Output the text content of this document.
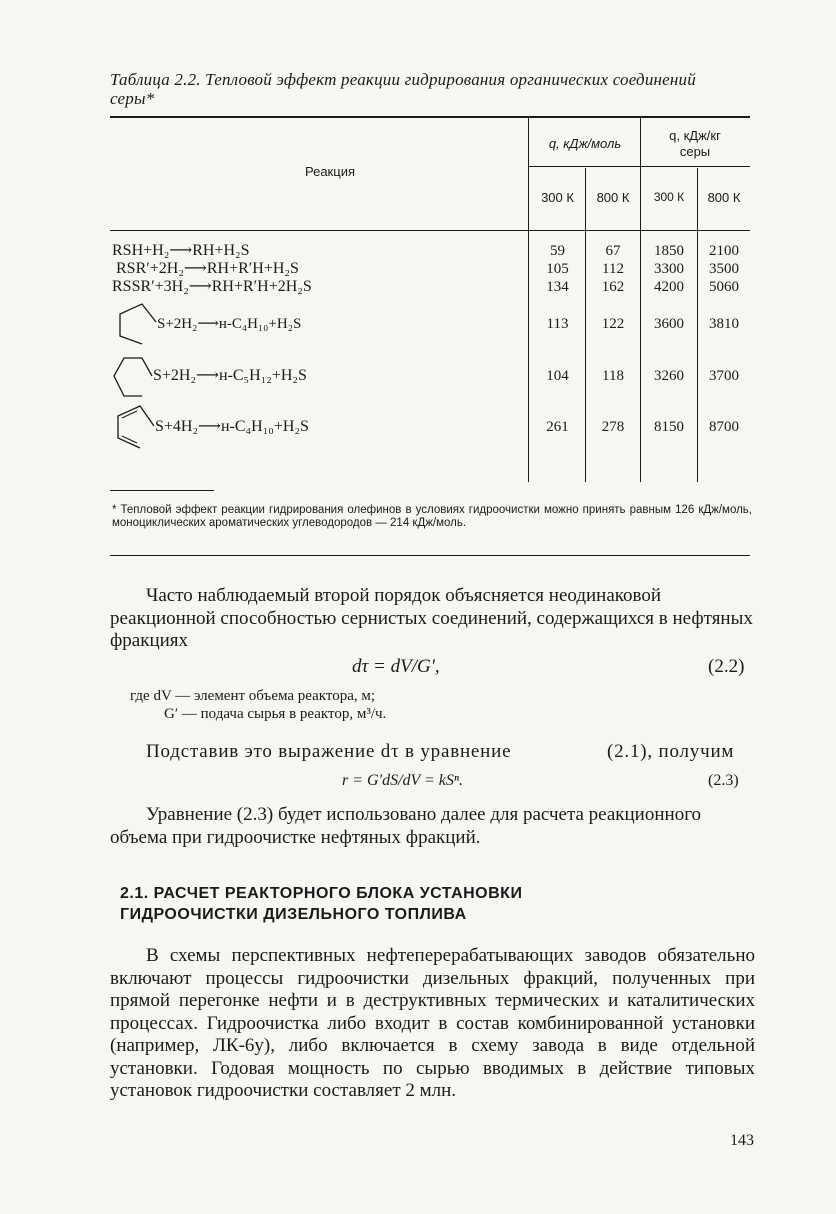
Таблица 2.2. Тепловой эффект реакции гидрирования органических соединений серы*
Реакция
q, кДж/моль
q, кДж/кг серы
300 К	800 К	300 К	800 К
RSH+H₂⟶RH+H₂S	59	67	1850	2100
RSR′+2H₂⟶RH+R′H+H₂S	105	112	3300	3500
RSSR′+3H₂⟶RH+R′H+2H₂S	134	162	4200	5060
S+2H₂⟶н-C₄H₁₀+H₂S	113	122	3600	3810
S+2H₂⟶н-C₅H₁₂+H₂S	104	118	3260	3700
S+4H₂⟶н-C₄H₁₀+H₂S	261	278	8150	8700
* Тепловой эффект реакции гидрирования олефинов в условиях гидроочистки можно принять равным 126 кДж/моль, моноциклических ароматических углеводородов — 214 кДж/моль.
Часто наблюдаемый второй порядок объясняется неодинаковой реакционной способностью сернистых соединений, содержащихся в нефтяных фракциях
dτ = dV/G′,	(2.2)
где dV — элемент объема реактора, м;
G′ — подача сырья в реактор, м³/ч.
Подставив это выражение dτ в уравнение	(2.1), получим
r = G′dS/dV = kSⁿ.	(2.3)
Уравнение (2.3) будет использовано далее для расчета реакционного объема при гидроочистке нефтяных фракций.
2.1. РАСЧЕТ РЕАКТОРНОГО БЛОКА УСТАНОВКИ ГИДРООЧИСТКИ ДИЗЕЛЬНОГО ТОПЛИВА
В схемы перспективных нефтеперерабатывающих заводов обязательно включают процессы гидроочистки дизельных фракций, полученных при прямой перегонке нефти и в деструктивных термических и каталитических процессах. Гидроочистка либо входит в состав комбинированной установки (например, ЛК-6у), либо включается в схему завода в виде отдельной установки. Годовая мощность по сырью вводимых в действие типовых установок гидроочистки составляет 2 млн.
143
